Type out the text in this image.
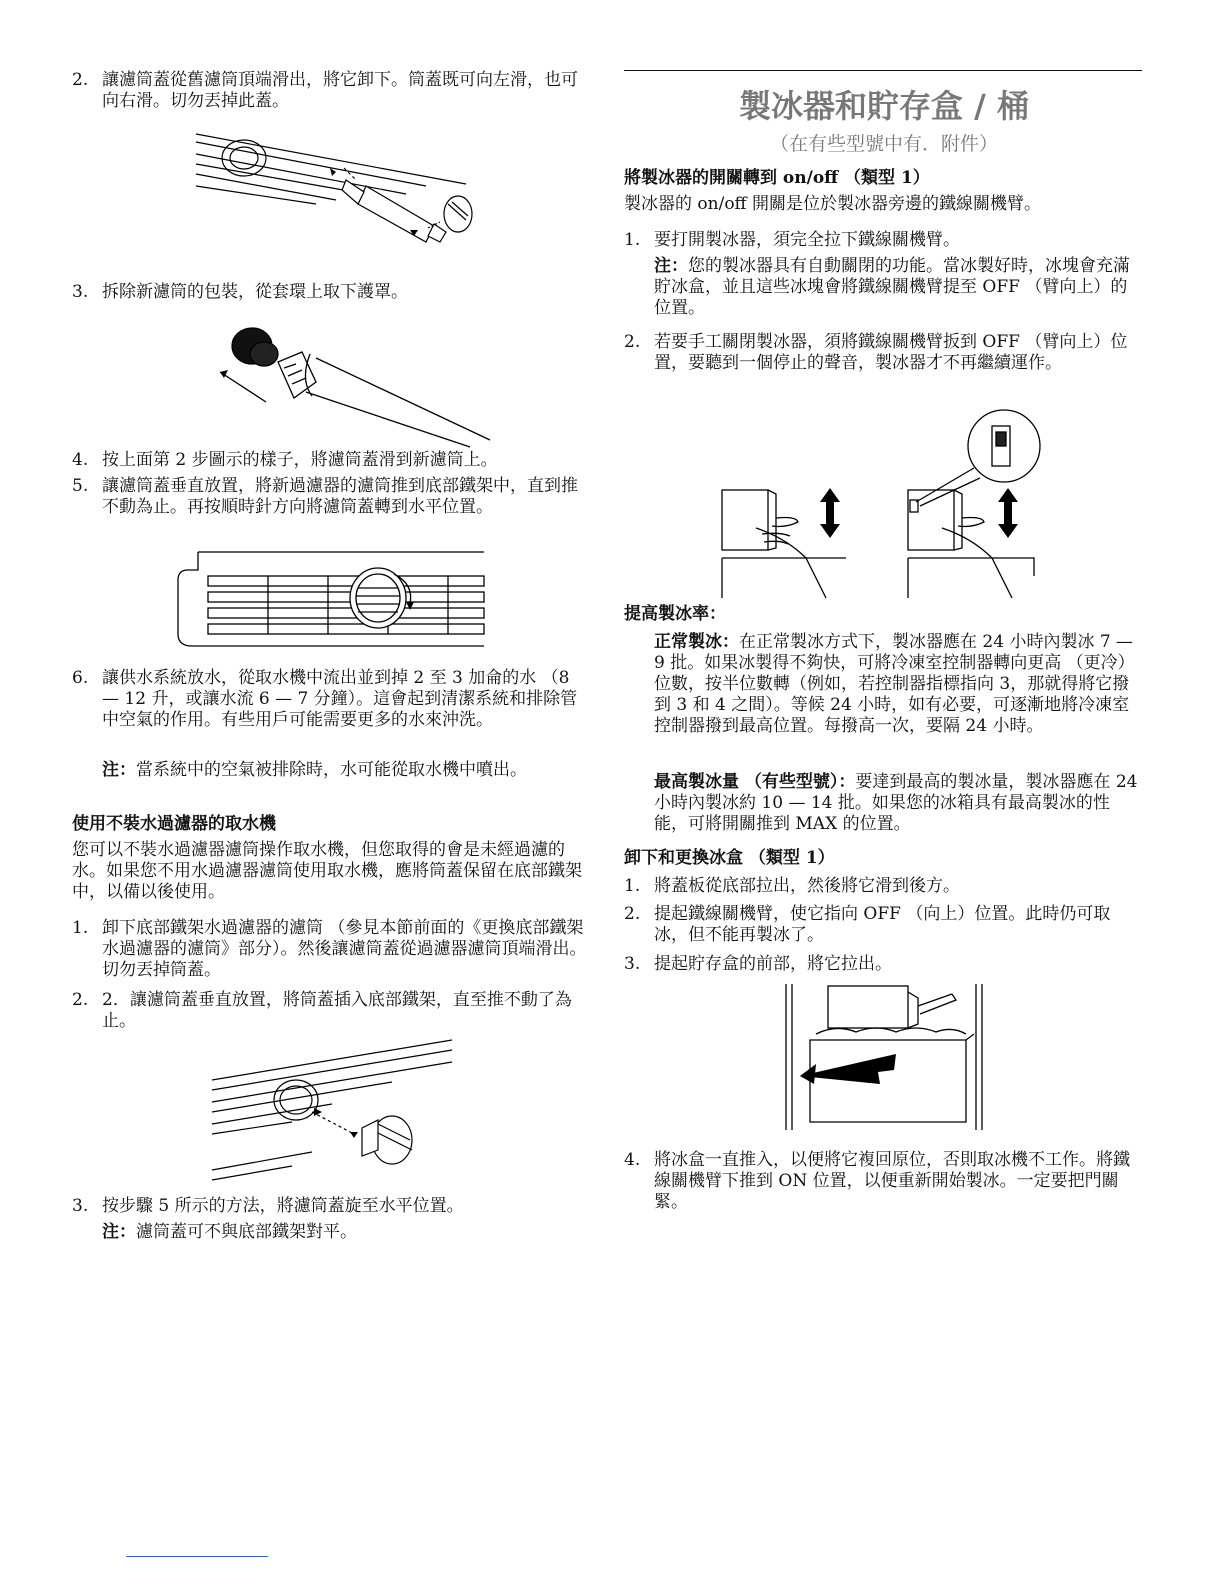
2. 讓濾筒蓋從舊濾筒頂端滑出，將它卸下。筒蓋既可向左滑，也可向右滑。切勿丟掉此蓋。
3. 拆除新濾筒的包裝，從套環上取下護罩。
4. 按上面第 2 步圖示的樣子，將濾筒蓋滑到新濾筒上。
5. 讓濾筒蓋垂直放置，將新過濾器的濾筒推到底部鐵架中，直到推不動為止。再按順時針方向將濾筒蓋轉到水平位置。
6. 讓供水系統放水，從取水機中流出並到掉 2 至 3 加侖的水 （8 — 12 升，或讓水流 6 — 7 分鐘）。這會起到清潔系統和排除管中空氣的作用。有些用戶可能需要更多的水來沖洗。
注：當系統中的空氣被排除時，水可能從取水機中噴出。
使用不裝水過濾器的取水機
您可以不裝水過濾器濾筒操作取水機，但您取得的會是未經過濾的水。如果您不用水過濾器濾筒使用取水機，應將筒蓋保留在底部鐵架中，以備以後使用。
1. 卸下底部鐵架水過濾器的濾筒 （參見本節前面的《更換底部鐵架水過濾器的濾筒》部分）。然後讓濾筒蓋從過濾器濾筒頂端滑出。切勿丟掉筒蓋。
2. 2．讓濾筒蓋垂直放置，將筒蓋插入底部鐵架，直至推不動了為止。
3. 按步驟 5 所示的方法，將濾筒蓋旋至水平位置。
注：濾筒蓋可不與底部鐵架對平。
製冰器和貯存盒 / 桶
（在有些型號中有．附件）
將製冰器的開關轉到 on/off （類型 1）
製冰器的 on/off 開關是位於製冰器旁邊的鐵線關機臂。
1. 要打開製冰器，須完全拉下鐵線關機臂。
注：您的製冰器具有自動關閉的功能。當冰製好時，冰塊會充滿貯冰盒，並且這些冰塊會將鐵線關機臂提至 OFF （臂向上）的位置。
2. 若要手工關閉製冰器，須將鐵線關機臂扳到 OFF （臂向上）位置，要聽到一個停止的聲音，製冰器才不再繼續運作。
提高製冰率：
正常製冰：在正常製冰方式下，製冰器應在 24 小時內製冰 7 — 9 批。如果冰製得不夠快，可將冷凍室控制器轉向更高 （更冷）位數，按半位數轉（例如，若控制器指標指向 3，那就得將它撥到 3 和 4 之間）。等候 24 小時，如有必要，可逐漸地將冷凍室控制器撥到最高位置。每撥高一次，要隔 24 小時。
最高製冰量 （有些型號）：要達到最高的製冰量，製冰器應在 24 小時內製冰約 10 — 14 批。如果您的冰箱具有最高製冰的性能，可將開關推到 MAX 的位置。
卸下和更換冰盒 （類型 1）
1. 將蓋板從底部拉出，然後將它滑到後方。
2. 提起鐵線關機臂，使它指向 OFF （向上）位置。此時仍可取冰，但不能再製冰了。
3. 提起貯存盒的前部，將它拉出。
4. 將冰盒一直推入，以便將它複回原位，否則取冰機不工作。將鐵線關機臂下推到 ON 位置，以便重新開始製冰。一定要把門關緊。
